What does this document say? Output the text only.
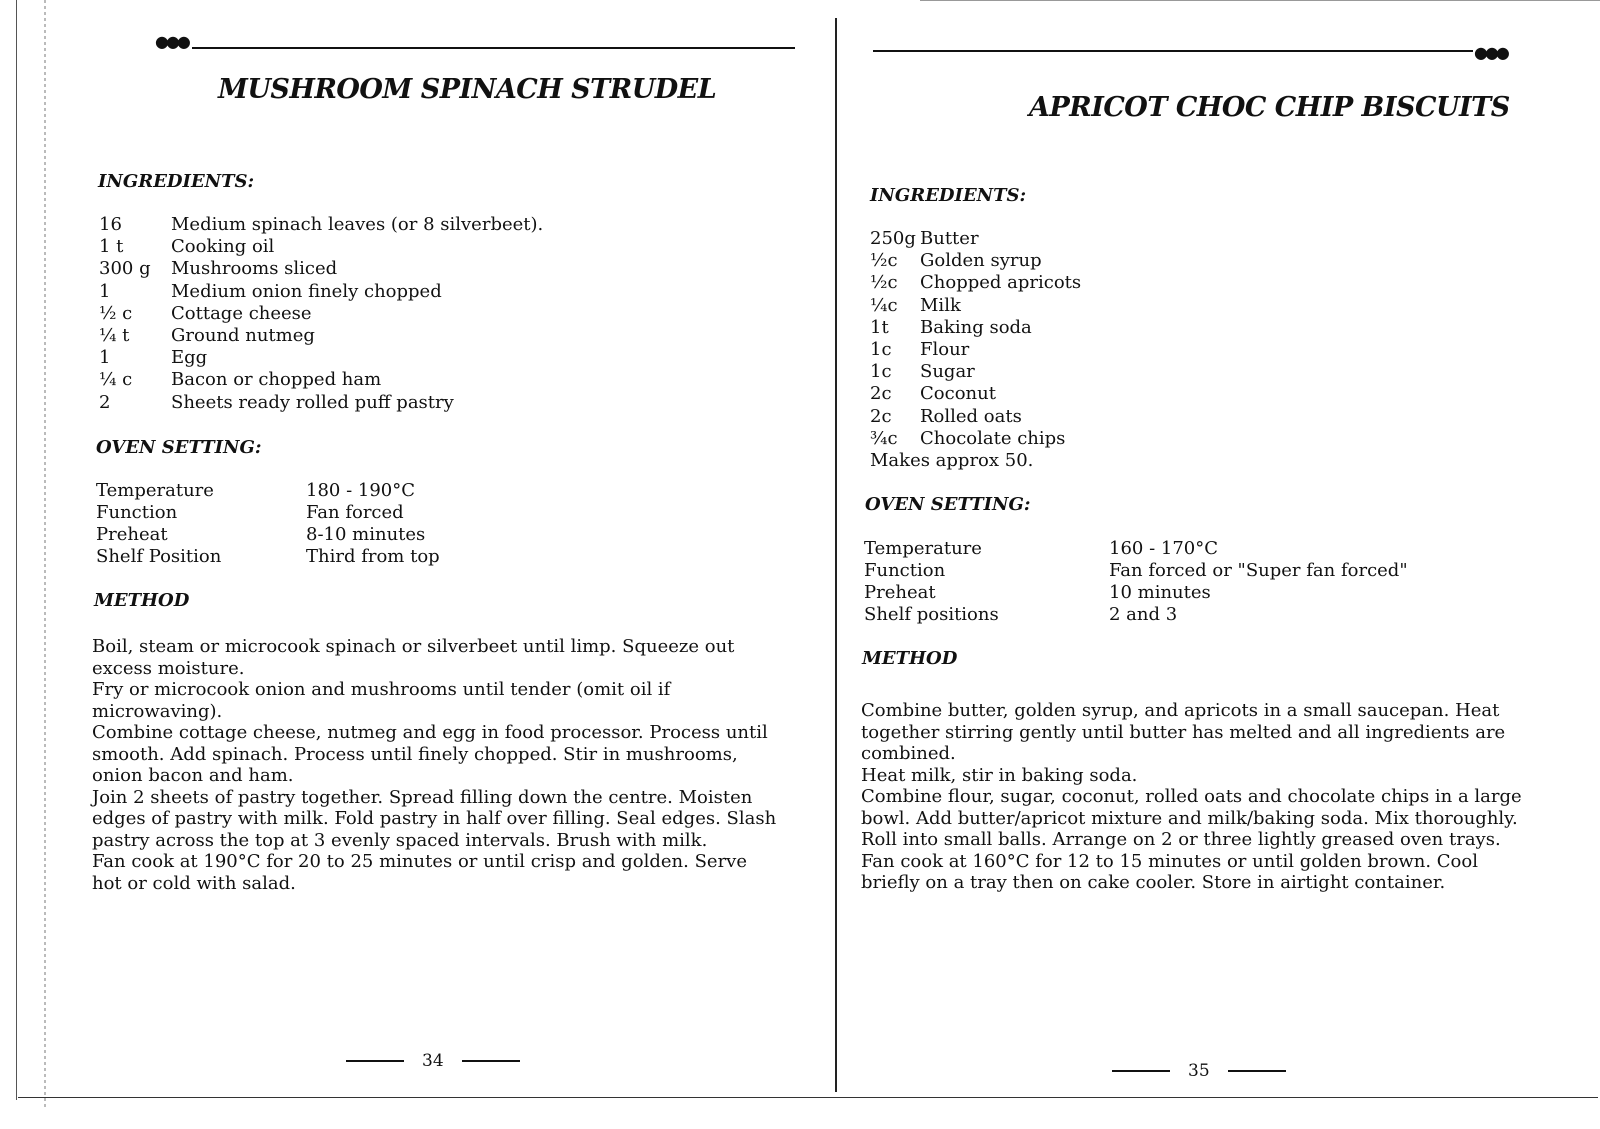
●●●
MUSHROOM SPINACH STRUDEL
INGREDIENTS:
16	Medium spinach leaves (or 8 silverbeet).
1 t	Cooking oil
300 g	Mushrooms sliced
1	Medium onion finely chopped
½ c	Cottage cheese
¼ t	Ground nutmeg
1	Egg
¼ c	Bacon or chopped ham
2	Sheets ready rolled puff pastry
OVEN SETTING:
Temperature	180 - 190°C
Function	Fan forced
Preheat	8-10 minutes
Shelf Position	Third from top
METHOD

Boil, steam or microcook spinach or silverbeet until limp. Squeeze out excess moisture.

Fry or microcook onion and mushrooms until tender (omit oil if microwaving).

Combine cottage cheese, nutmeg and egg in food processor. Process until smooth. Add spinach. Process until finely chopped. Stir in mushrooms, onion bacon and ham.

Join 2 sheets of pastry together. Spread filling down the centre. Moisten edges of pastry with milk. Fold pastry in half over filling. Seal edges. Slash pastry across the top at 3 evenly spaced intervals. Brush with milk.

Fan cook at 190°C for 20 to 25 minutes or until crisp and golden. Serve hot or cold with salad.

34
●●●
APRICOT CHOC CHIP BISCUITS
INGREDIENTS:
250g Butter
½c	Golden syrup
½c	Chopped apricots
¼c	Milk
1t	Baking soda
1c	Flour
1c	Sugar
2c	Coconut
2c	Rolled oats
¾c	Chocolate chips
Makes approx 50.
OVEN SETTING:
Temperature	160 - 170°C
Function	Fan forced or "Super fan forced"
Preheat	10 minutes
Shelf positions	2 and 3
METHOD

Combine butter, golden syrup, and apricots in a small saucepan. Heat together stirring gently until butter has melted and all ingredients are combined.

Heat milk, stir in baking soda.

Combine flour, sugar, coconut, rolled oats and chocolate chips in a large bowl. Add butter/apricot mixture and milk/baking soda. Mix thoroughly. Roll into small balls. Arrange on 2 or three lightly greased oven trays. Fan cook at 160°C for 12 to 15 minutes or until golden brown. Cool briefly on a tray then on cake cooler. Store in airtight container.

35
